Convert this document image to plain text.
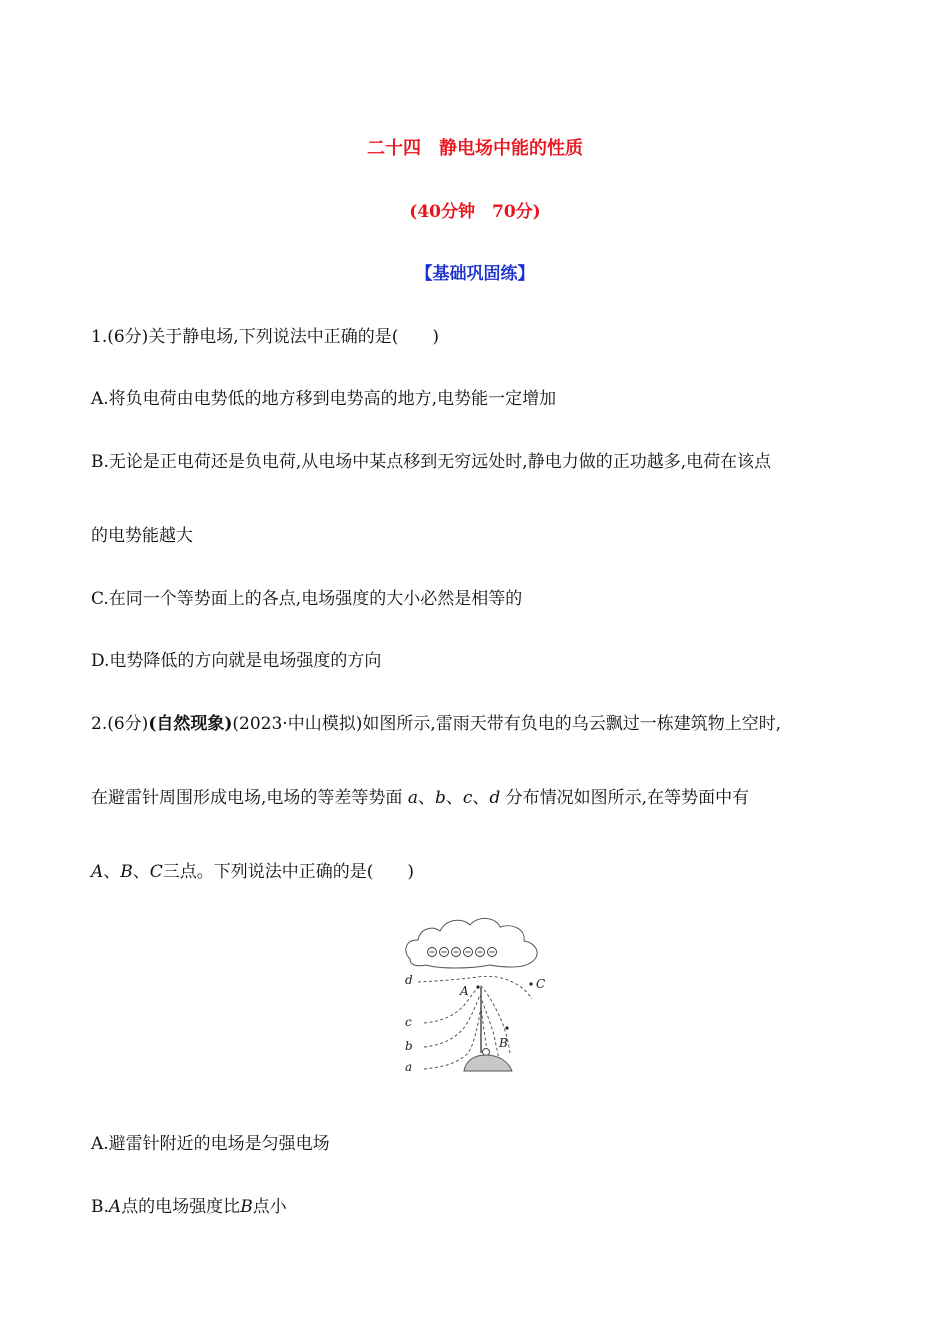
二十四　静电场中能的性质
(40分钟　70分)
【基础巩固练】
1.(6分)关于静电场,下列说法中正确的是(　　)
A.将负电荷由电势低的地方移到电势高的地方,电势能一定增加
B.无论是正电荷还是负电荷,从电场中某点移到无穷远处时,静电力做的正功越多,电荷在该点
的电势能越大
C.在同一个等势面上的各点,电场强度的大小必然是相等的
D.电势降低的方向就是电场强度的方向
2.(6分)(自然现象)(2023·中山模拟)如图所示,雷雨天带有负电的乌云飘过一栋建筑物上空时,
在避雷针周围形成电场,电场的等差等势面 a、b、c、d 分布情况如图所示,在等势面中有
A、B、C三点。下列说法中正确的是(　　)
d
c
b
a
A
B
C
A.避雷针附近的电场是匀强电场
B.A点的电场强度比B点小
